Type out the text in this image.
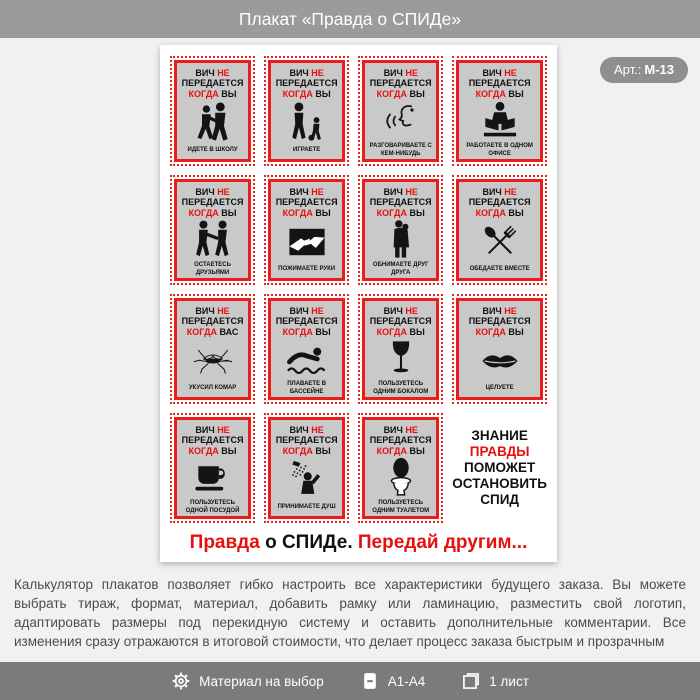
Плакат «Правда о СПИДе»
Арт.: М-13
ВИЧ НЕ
ПЕРЕДАЕТСЯ
КОГДА ВЫ
ИДЕТЕ В ШКОЛУ
ВИЧ НЕ
ПЕРЕДАЕТСЯ
КОГДА ВЫ
ИГРАЕТЕ
ВИЧ НЕ
ПЕРЕДАЕТСЯ
КОГДА ВЫ
РАЗГОВАРИВАЕТЕ С КЕМ-НИБУДЬ
ВИЧ НЕ
ПЕРЕДАЕТСЯ
КОГДА ВЫ
РАБОТАЕТЕ В ОДНОМ ОФИСЕ
ВИЧ НЕ
ПЕРЕДАЕТСЯ
КОГДА ВЫ
ОСТАЕТЕСЬ ДРУЗЬЯМИ
ВИЧ НЕ
ПЕРЕДАЕТСЯ
КОГДА ВЫ
ПОЖИМАЕТЕ РУКИ
ВИЧ НЕ
ПЕРЕДАЕТСЯ
КОГДА ВЫ
ОБНИМАЕТЕ ДРУГ ДРУГА
ВИЧ НЕ
ПЕРЕДАЕТСЯ
КОГДА ВЫ
ОБЕДАЕТЕ ВМЕСТЕ
ВИЧ НЕ
ПЕРЕДАЕТСЯ
КОГДА ВАС
УКУСИЛ КОМАР
ВИЧ НЕ
ПЕРЕДАЕТСЯ
КОГДА ВЫ
ПЛАВАЕТЕ В БАССЕЙНЕ
ВИЧ НЕ
ПЕРЕДАЕТСЯ
КОГДА ВЫ
ПОЛЬЗУЕТЕСЬ ОДНИМ БОКАЛОМ
ВИЧ НЕ
ПЕРЕДАЕТСЯ
КОГДА ВЫ
ЦЕЛУЕТЕ
ВИЧ НЕ
ПЕРЕДАЕТСЯ
КОГДА ВЫ
ПОЛЬЗУЕТЕСЬ ОДНОЙ ПОСУДОЙ
ВИЧ НЕ
ПЕРЕДАЕТСЯ
КОГДА ВЫ
ПРИНИМАЕТЕ ДУШ
ВИЧ НЕ
ПЕРЕДАЕТСЯ
КОГДА ВЫ
ПОЛЬЗУЕТЕСЬ ОДНИМ ТУАЛЕТОМ
ЗНАНИЕ
ПРАВДЫ
ПОМОЖЕТ
ОСТАНОВИТЬ
СПИД
Правда о СПИДе. Передай другим...

Калькулятор плакатов позволяет гибко настроить все характеристики будущего заказа. Вы можете выбрать тираж, формат, материал, добавить рамку или ламинацию, разместить свой логотип, адаптировать размеры под перекидную систему и оставить дополнительные комментарии. Все изменения сразу отражаются в итоговой стоимости, что делает процесс заказа быстрым и прозрачным

Материал на выбор	А1-А4	1 лист
